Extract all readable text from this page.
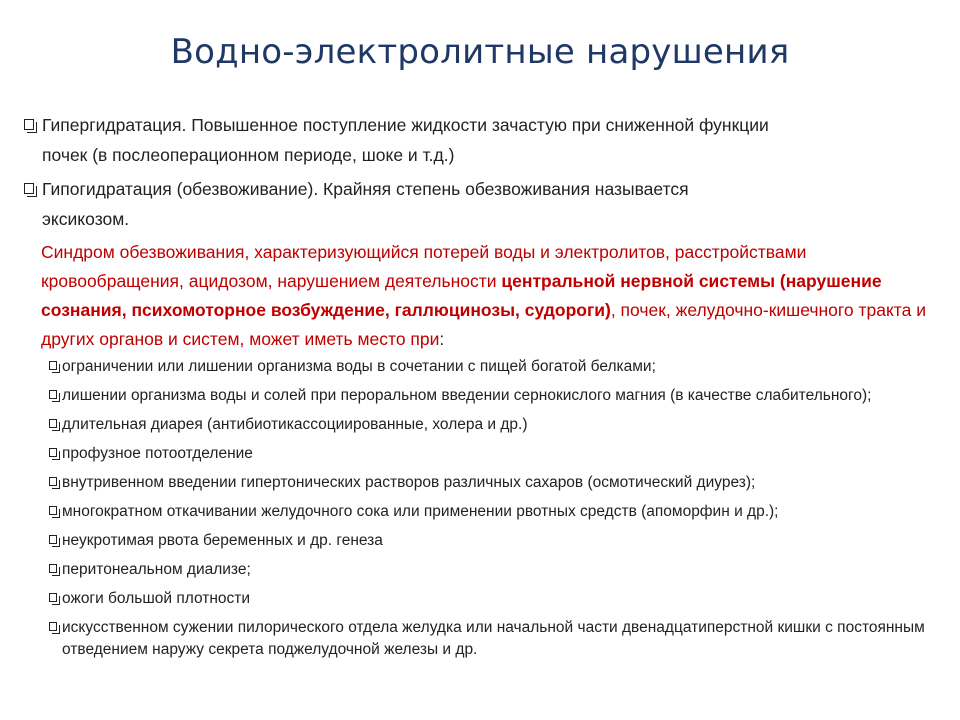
Водно-электролитные нарушения
Гипергидратация. Повышенное поступление жидкости зачастую при сниженной функции
почек (в послеоперационном периоде, шоке и т.д.)
Гипогидратация (обезвоживание). Крайняя степень обезвоживания называется
эксикозом.
Синдром обезвоживания, характеризующийся потерей воды и электролитов, расстройствами кровообращения, ацидозом, нарушением деятельности центральной нервной системы (нарушение сознания, психомоторное возбуждение, галлюцинозы, судороги), почек, желудочно-кишечного тракта и других органов и систем, может иметь место при:
ограничении или лишении организма воды в сочетании с пищей богатой белками;
лишении организма воды и солей при пероральном введении сернокислого магния (в качестве слабительного);
длительная диарея (антибиотикассоциированные, холера и др.)
профузное потоотделение
внутривенном введении гипертонических растворов различных сахаров (осмотический диурез);
многократном откачивании желудочного сока или применении рвотных средств (апоморфин и др.);
неукротимая рвота беременных и др. генеза
перитонеальном диализе;
ожоги большой плотности
искусственном сужении пилорического отдела желудка или начальной части двенадцатиперстной кишки с постоянным отведением наружу секрета поджелудочной железы и др.
